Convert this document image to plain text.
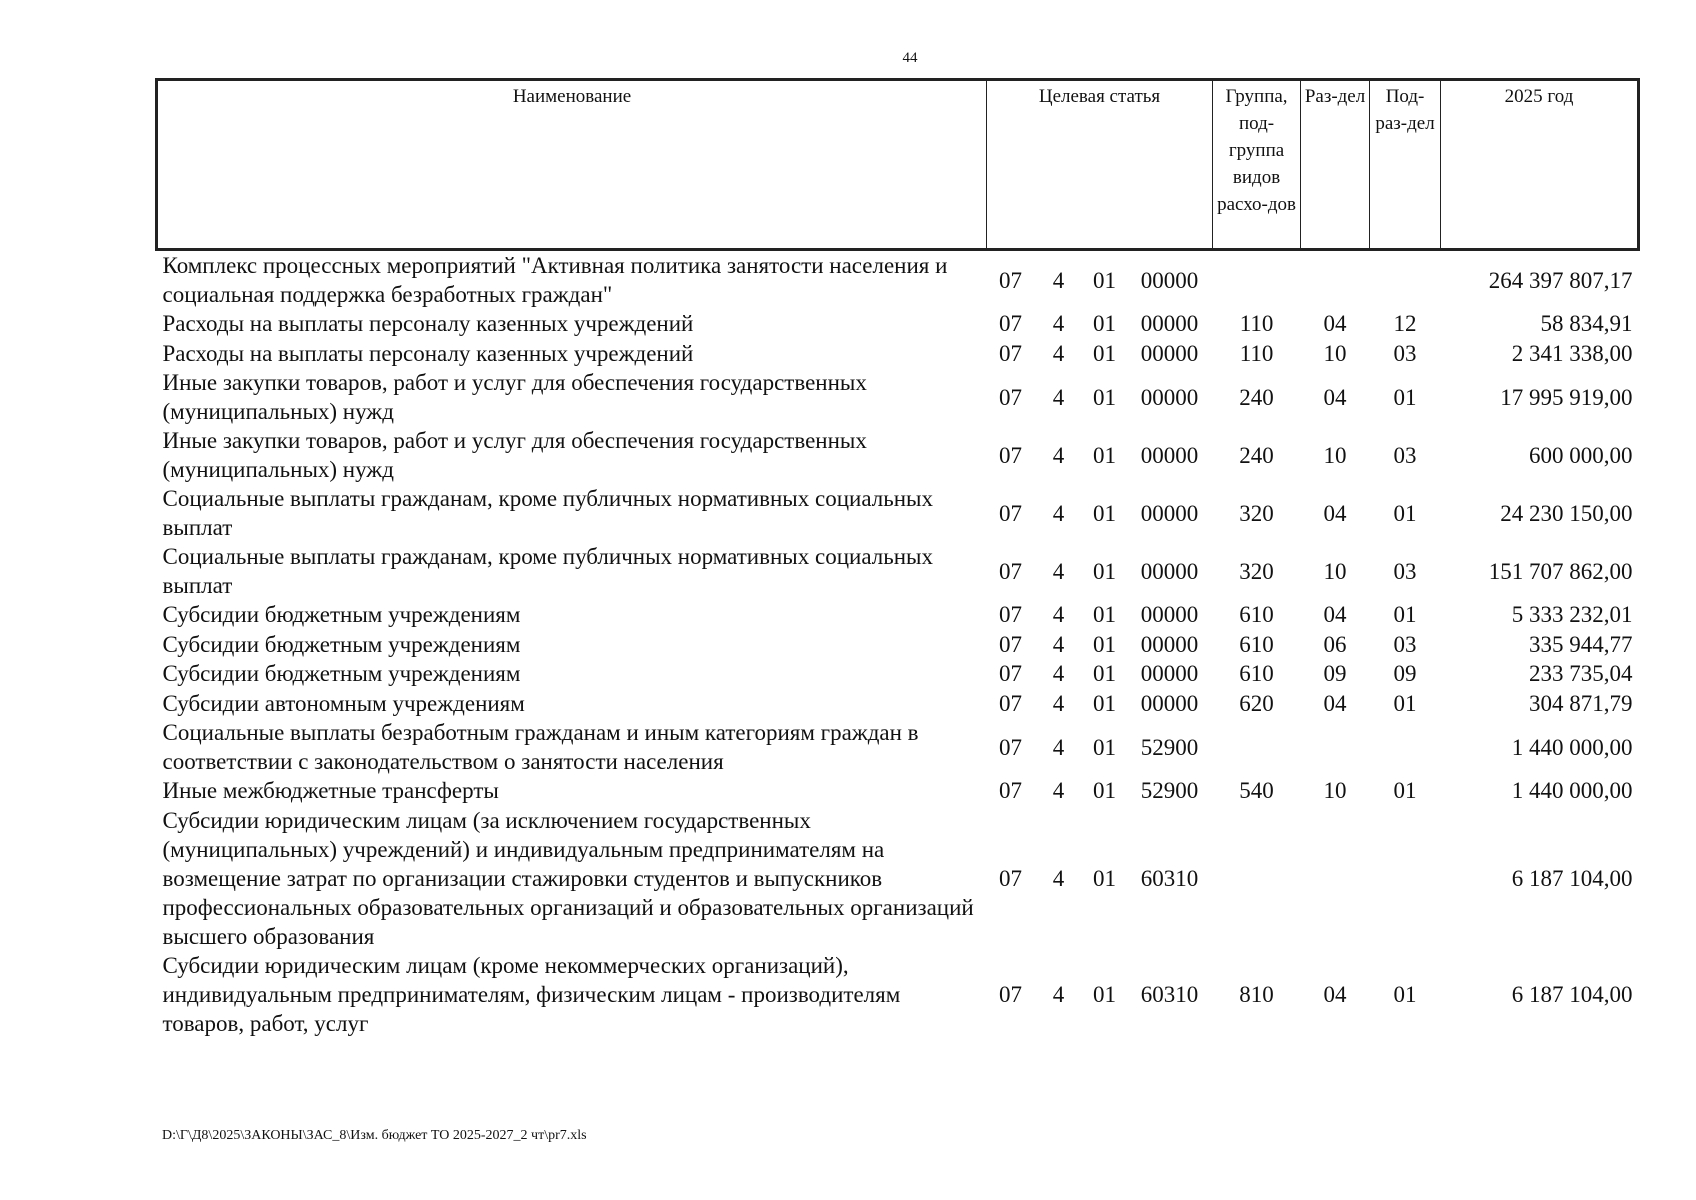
44
Наименование	Целевая статья				Группа, под-группа видов расхо-дов	Раз-дел	Под-раз-дел	2025 год
Комплекс процессных мероприятий "Активная политика занятости населения и социальная поддержка безработных граждан"	07	4	01	00000				264 397 807,17
Расходы на выплаты персоналу казенных учреждений	07	4	01	00000	110	04	12	58 834,91
Расходы на выплаты персоналу казенных учреждений	07	4	01	00000	110	10	03	2 341 338,00
Иные закупки товаров, работ и услуг для обеспечения государственных (муниципальных) нужд	07	4	01	00000	240	04	01	17 995 919,00
Иные закупки товаров, работ и услуг для обеспечения государственных (муниципальных) нужд	07	4	01	00000	240	10	03	600 000,00
Социальные выплаты гражданам, кроме публичных нормативных социальных выплат	07	4	01	00000	320	04	01	24 230 150,00
Социальные выплаты гражданам, кроме публичных нормативных социальных выплат	07	4	01	00000	320	10	03	151 707 862,00
Субсидии бюджетным учреждениям	07	4	01	00000	610	04	01	5 333 232,01
Субсидии бюджетным учреждениям	07	4	01	00000	610	06	03	335 944,77
Субсидии бюджетным учреждениям	07	4	01	00000	610	09	09	233 735,04
Субсидии автономным учреждениям	07	4	01	00000	620	04	01	304 871,79
Социальные выплаты безработным гражданам и иным категориям граждан в соответствии с законодательством о занятости населения	07	4	01	52900				1 440 000,00
Иные межбюджетные трансферты	07	4	01	52900	540	10	01	1 440 000,00
Субсидии юридическим лицам (за исключением государственных (муниципальных) учреждений) и индивидуальным предпринимателям на возмещение затрат по организации стажировки студентов и выпускников профессиональных образовательных организаций и образовательных организаций высшего образования	07	4	01	60310				6 187 104,00
Субсидии юридическим лицам (кроме некоммерческих организаций), индивидуальным предпринимателям, физическим лицам - производителям товаров, работ, услуг	07	4	01	60310	810	04	01	6 187 104,00
D:\Г\Д8\2025\ЗАКОНЫ\ЗАС_8\Изм. бюджет ТО 2025-2027_2 чт\pr7.xls
